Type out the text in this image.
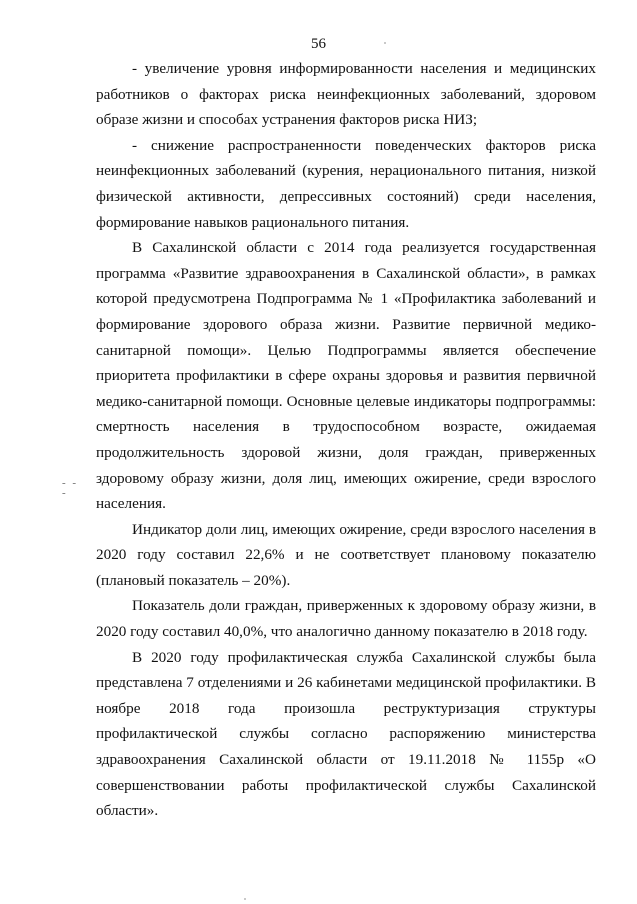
56
- - -

- увеличение уровня информированности населения и медицинских работников о факторах риска неинфекционных заболеваний, здоровом образе жизни и способах устранения факторов риска НИЗ;

- снижение распространенности поведенческих факторов риска неинфекционных заболеваний (курения, нерационального питания, низкой физической активности, депрессивных состояний) среди населения, формирование навыков рационального питания.

В Сахалинской области с 2014 года реализуется государственная программа «Развитие здравоохранения в Сахалинской области», в рамках которой предусмотрена Подпрограмма № 1 «Профилактика заболеваний и формирование здорового образа жизни. Развитие первичной медико-санитарной помощи». Целью Подпрограммы является обеспечение приоритета профилактики в сфере охраны здоровья и развития первичной медико-санитарной помощи. Основные целевые индикаторы подпрограммы: смертность населения в трудоспособном возрасте, ожидаемая продолжительность здоровой жизни, доля граждан, приверженных здоровому образу жизни, доля лиц, имеющих ожирение, среди взрослого населения.

Индикатор доли лиц, имеющих ожирение, среди взрослого населения в 2020 году составил 22,6% и не соответствует плановому показателю (плановый показатель – 20%).

Показатель доли граждан, приверженных к здоровому образу жизни, в 2020 году составил 40,0%, что аналогично данному показателю в 2018 году.

В 2020 году профилактическая служба Сахалинской службы была представлена 7 отделениями и 26 кабинетами медицинской профилактики. В ноябре 2018 года произошла реструктуризация структуры профилактической службы согласно распоряжению министерства здравоохранения Сахалинской области от 19.11.2018 № 1155р «О совершенствовании работы профилактической службы Сахалинской области».
